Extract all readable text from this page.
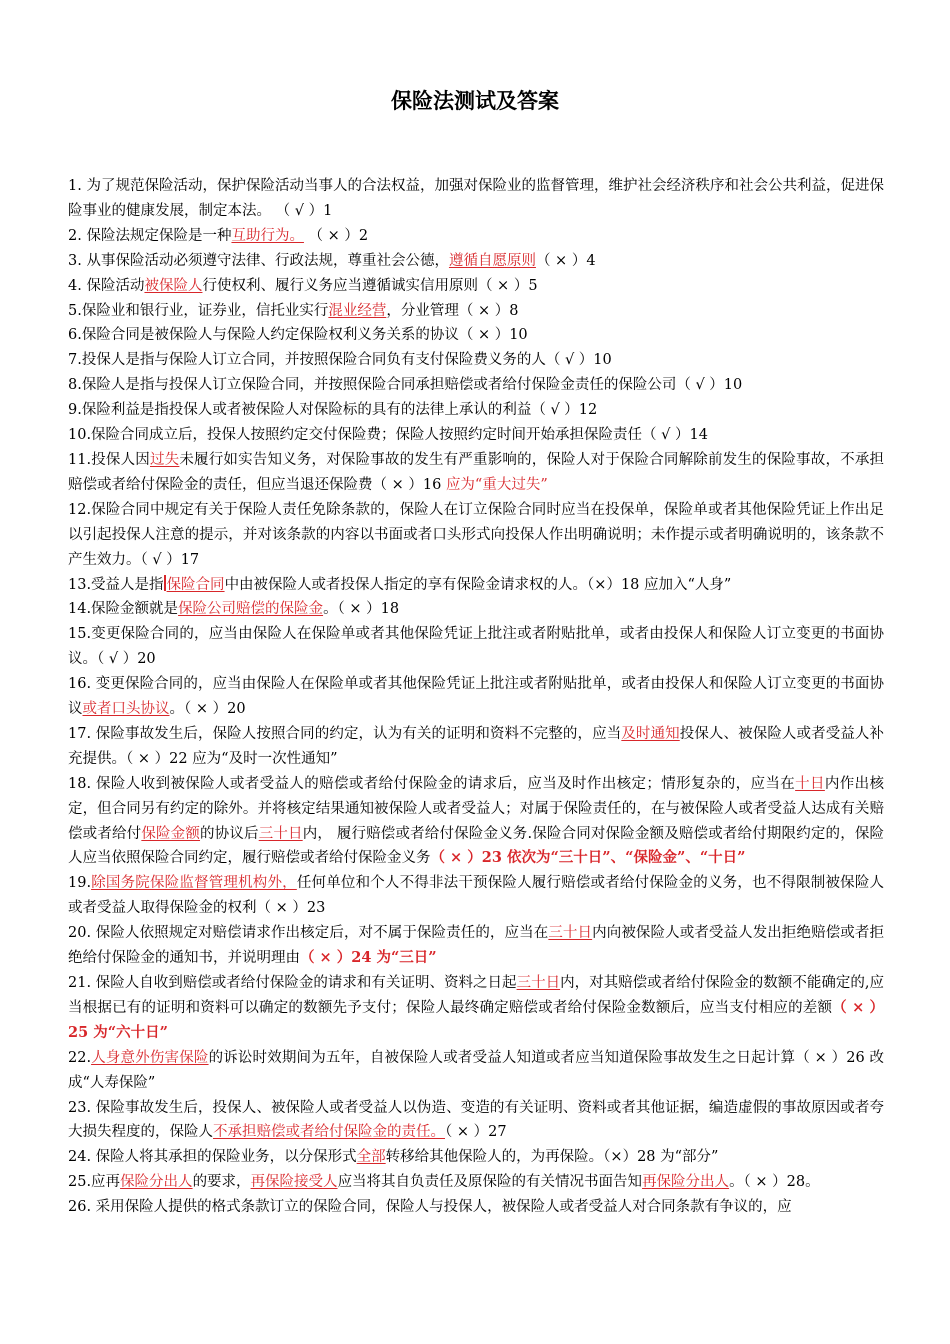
保险法测试及答案

1. 为了规范保险活动，保护保险活动当事人的合法权益，加强对保险业的监督管理，维护社会经济秩序和社会公共利益，促进保险事业的健康发展，制定本法。 （ √ ）1

2. 保险法规定保险是一种互助行为。 （ × ）2

3. 从事保险活动必须遵守法律、行政法规，尊重社会公德，遵循自愿原则（ × ）4

4. 保险活动被保险人行使权利、履行义务应当遵循诚实信用原则（ × ）5

5.保险业和银行业，证券业，信托业实行混业经营，分业管理（ × ）8

6.保险合同是被保险人与保险人约定保险权利义务关系的协议（ × ）10

7.投保人是指与保险人订立合同，并按照保险合同负有支付保险费义务的人（ √ ）10

8.保险人是指与投保人订立保险合同，并按照保险合同承担赔偿或者给付保险金责任的保险公司（ √ ）10

9.保险利益是指投保人或者被保险人对保险标的具有的法律上承认的利益（ √ ）12

10.保险合同成立后，投保人按照约定交付保险费；保险人按照约定时间开始承担保险责任（ √ ）14

11.投保人因过失未履行如实告知义务，对保险事故的发生有严重影响的，保险人对于保险合同解除前发生的保险事故，不承担赔偿或者给付保险金的责任，但应当退还保险费（ × ）16 应为“重大过失”

12.保险合同中规定有关于保险人责任免除条款的，保险人在订立保险合同时应当在投保单，保险单或者其他保险凭证上作出足以引起投保人注意的提示，并对该条款的内容以书面或者口头形式向投保人作出明确说明；未作提示或者明确说明的，该条款不产生效力。（ √ ）17

13.受益人是指 保险合同中由被保险人或者投保人指定的享有保险金请求权的人。（×）18 应加入“人身”

14.保险金额就是保险公司赔偿的保险金。（ × ）18

15.变更保险合同的，应当由保险人在保险单或者其他保险凭证上批注或者附贴批单，或者由投保人和保险人订立变更的书面协议。（ √ ）20

16. 变更保险合同的，应当由保险人在保险单或者其他保险凭证上批注或者附贴批单，或者由投保人和保险人订立变更的书面协议或者口头协议。（ × ）20

17. 保险事故发生后，保险人按照合同的约定，认为有关的证明和资料不完整的，应当及时通知投保人、被保险人或者受益人补充提供。（ × ）22 应为“及时一次性通知”

18. 保险人收到被保险人或者受益人的赔偿或者给付保险金的请求后，应当及时作出核定；情形复杂的，应当在十日内作出核定，但合同另有约定的除外。并将核定结果通知被保险人或者受益人；对属于保险责任的，在与被保险人或者受益人达成有关赔偿或者给付保险金额的协议后三十日内， 履行赔偿或者给付保险金义务.保险合同对保险金额及赔偿或者给付期限约定的，保险人应当依照保险合同约定，履行赔偿或者给付保险金义务（ × ）23 依次为“三十日”、“保险金”、“十日”

19.除国务院保险监督管理机构外，任何单位和个人不得非法干预保险人履行赔偿或者给付保险金的义务，也不得限制被保险人或者受益人取得保险金的权利（ × ）23

20. 保险人依照规定对赔偿请求作出核定后，对不属于保险责任的，应当在三十日内向被保险人或者受益人发出拒绝赔偿或者拒绝给付保险金的通知书，并说明理由（ × ）24 为“三日”

21. 保险人自收到赔偿或者给付保险金的请求和有关证明、资料之日起三十日内，对其赔偿或者给付保险金的数额不能确定的,应当根据已有的证明和资料可以确定的数额先予支付；保险人最终确定赔偿或者给付保险金数额后，应当支付相应的差额（ × ）25 为“六十日”

22.人身意外伤害保险的诉讼时效期间为五年，自被保险人或者受益人知道或者应当知道保险事故发生之日起计算（ × ）26 改成“人寿保险”

23. 保险事故发生后，投保人、被保险人或者受益人以伪造、变造的有关证明、资料或者其他证据，编造虚假的事故原因或者夸大损失程度的，保险人不承担赔偿或者给付保险金的责任。（ × ）27

24. 保险人将其承担的保险业务，以分保形式全部转移给其他保险人的，为再保险。（×）28 为“部分”

25.应再保险分出人的要求，再保险接受人应当将其自负责任及原保险的有关情况书面告知再保险分出人。（ × ）28。

26. 采用保险人提供的格式条款订立的保险合同，保险人与投保人，被保险人或者受益人对合同条款有争议的，应
